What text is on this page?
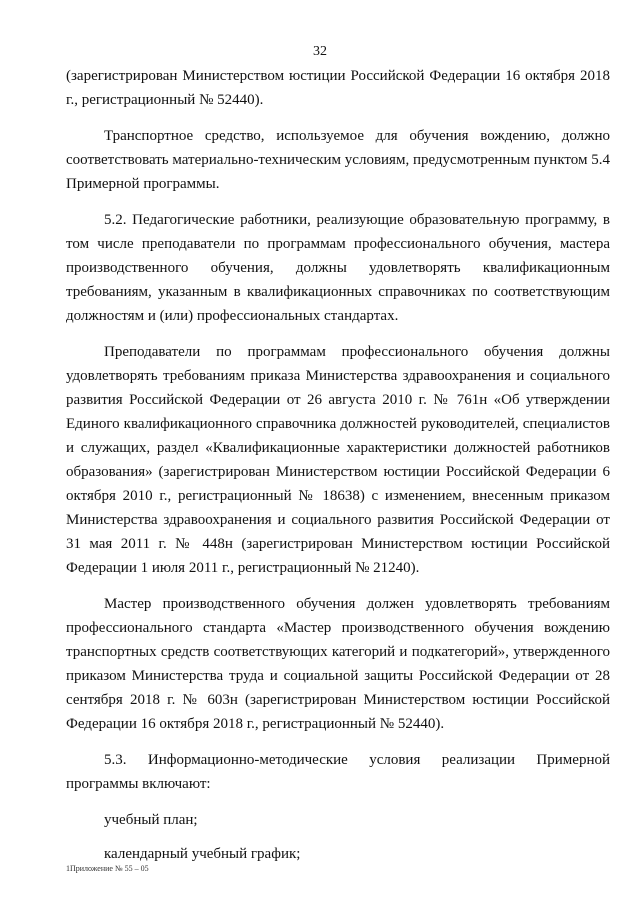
32

(зарегистрирован Министерством юстиции Российской Федерации 16 октября 2018 г., регистрационный № 52440).

Транспортное средство, используемое для обучения вождению, должно соответствовать материально-техническим условиям, предусмотренным пунктом 5.4 Примерной программы.

5.2. Педагогические работники, реализующие образовательную программу, в том числе преподаватели по программам профессионального обучения, мастера производственного обучения, должны удовлетворять квалификационным требованиям, указанным в квалификационных справочниках по соответствующим должностям и (или) профессиональных стандартах.

Преподаватели по программам профессионального обучения должны удовлетворять требованиям приказа Министерства здравоохранения и социального развития Российской Федерации от 26 августа 2010 г. № 761н «Об утверждении Единого квалификационного справочника должностей руководителей, специалистов и служащих, раздел «Квалификационные характеристики должностей работников образования» (зарегистрирован Министерством юстиции Российской Федерации 6 октября 2010 г., регистрационный № 18638) с изменением, внесенным приказом Министерства здравоохранения и социального развития Российской Федерации от 31 мая 2011 г. № 448н (зарегистрирован Министерством юстиции Российской Федерации 1 июля 2011 г., регистрационный № 21240).

Мастер производственного обучения должен удовлетворять требованиям профессионального стандарта «Мастер производственного обучения вождению транспортных средств соответствующих категорий и подкатегорий», утвержденного приказом Министерства труда и социальной защиты Российской Федерации от 28 сентября 2018 г. № 603н (зарегистрирован Министерством юстиции Российской Федерации 16 октября 2018 г., регистрационный № 52440).

5.3. Информационно-методические условия реализации Примерной программы включают:

учебный план;
календарный учебный график;
1Приложение № 55 – 05
